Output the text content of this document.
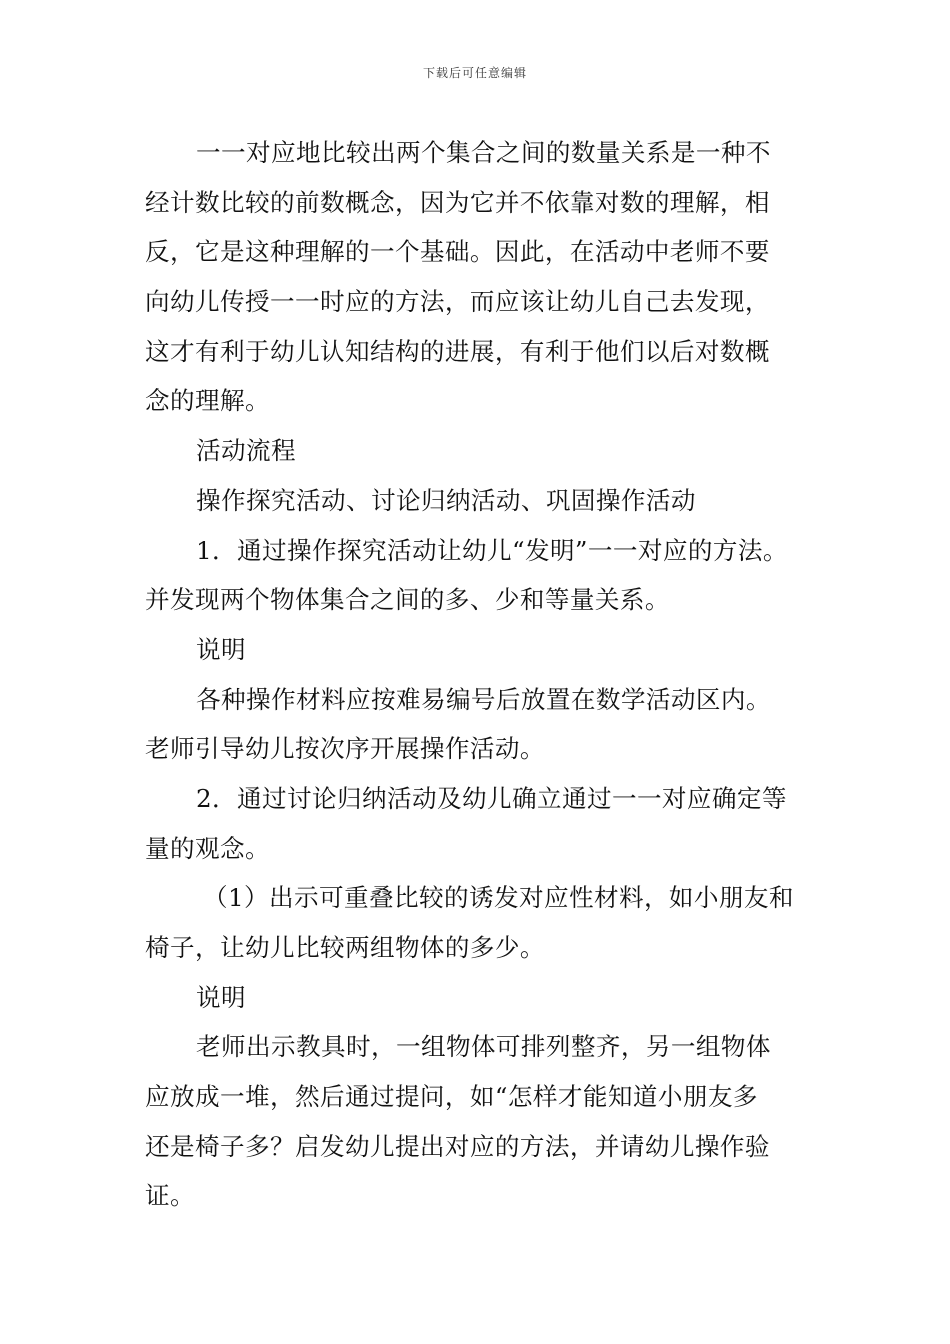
下载后可任意编辑
一一对应地比较出两个集合之间的数量关系是一种不
经计数比较的前数概念，因为它并不依靠对数的理解，相
反，它是这种理解的一个基础。因此，在活动中老师不要
向幼儿传授一一时应的方法，而应该让幼儿自己去发现，
这才有利于幼儿认知结构的进展，有利于他们以后对数概
念的理解。
活动流程
操作探究活动、讨论归纳活动、巩固操作活动
1．通过操作探究活动让幼儿“发明”一一对应的方法。
并发现两个物体集合之间的多、少和等量关系。
说明
各种操作材料应按难易编号后放置在数学活动区内。
老师引导幼儿按次序开展操作活动。
2．通过讨论归纳活动及幼儿确立通过一一对应确定等
量的观念。
（1）出示可重叠比较的诱发对应性材料，如小朋友和
椅子，让幼儿比较两组物体的多少。
说明
老师出示教具时，一组物体可排列整齐，另一组物体
应放成一堆，然后通过提问，如“怎样才能知道小朋友多
还是椅子多？启发幼儿提出对应的方法，并请幼儿操作验
证。
